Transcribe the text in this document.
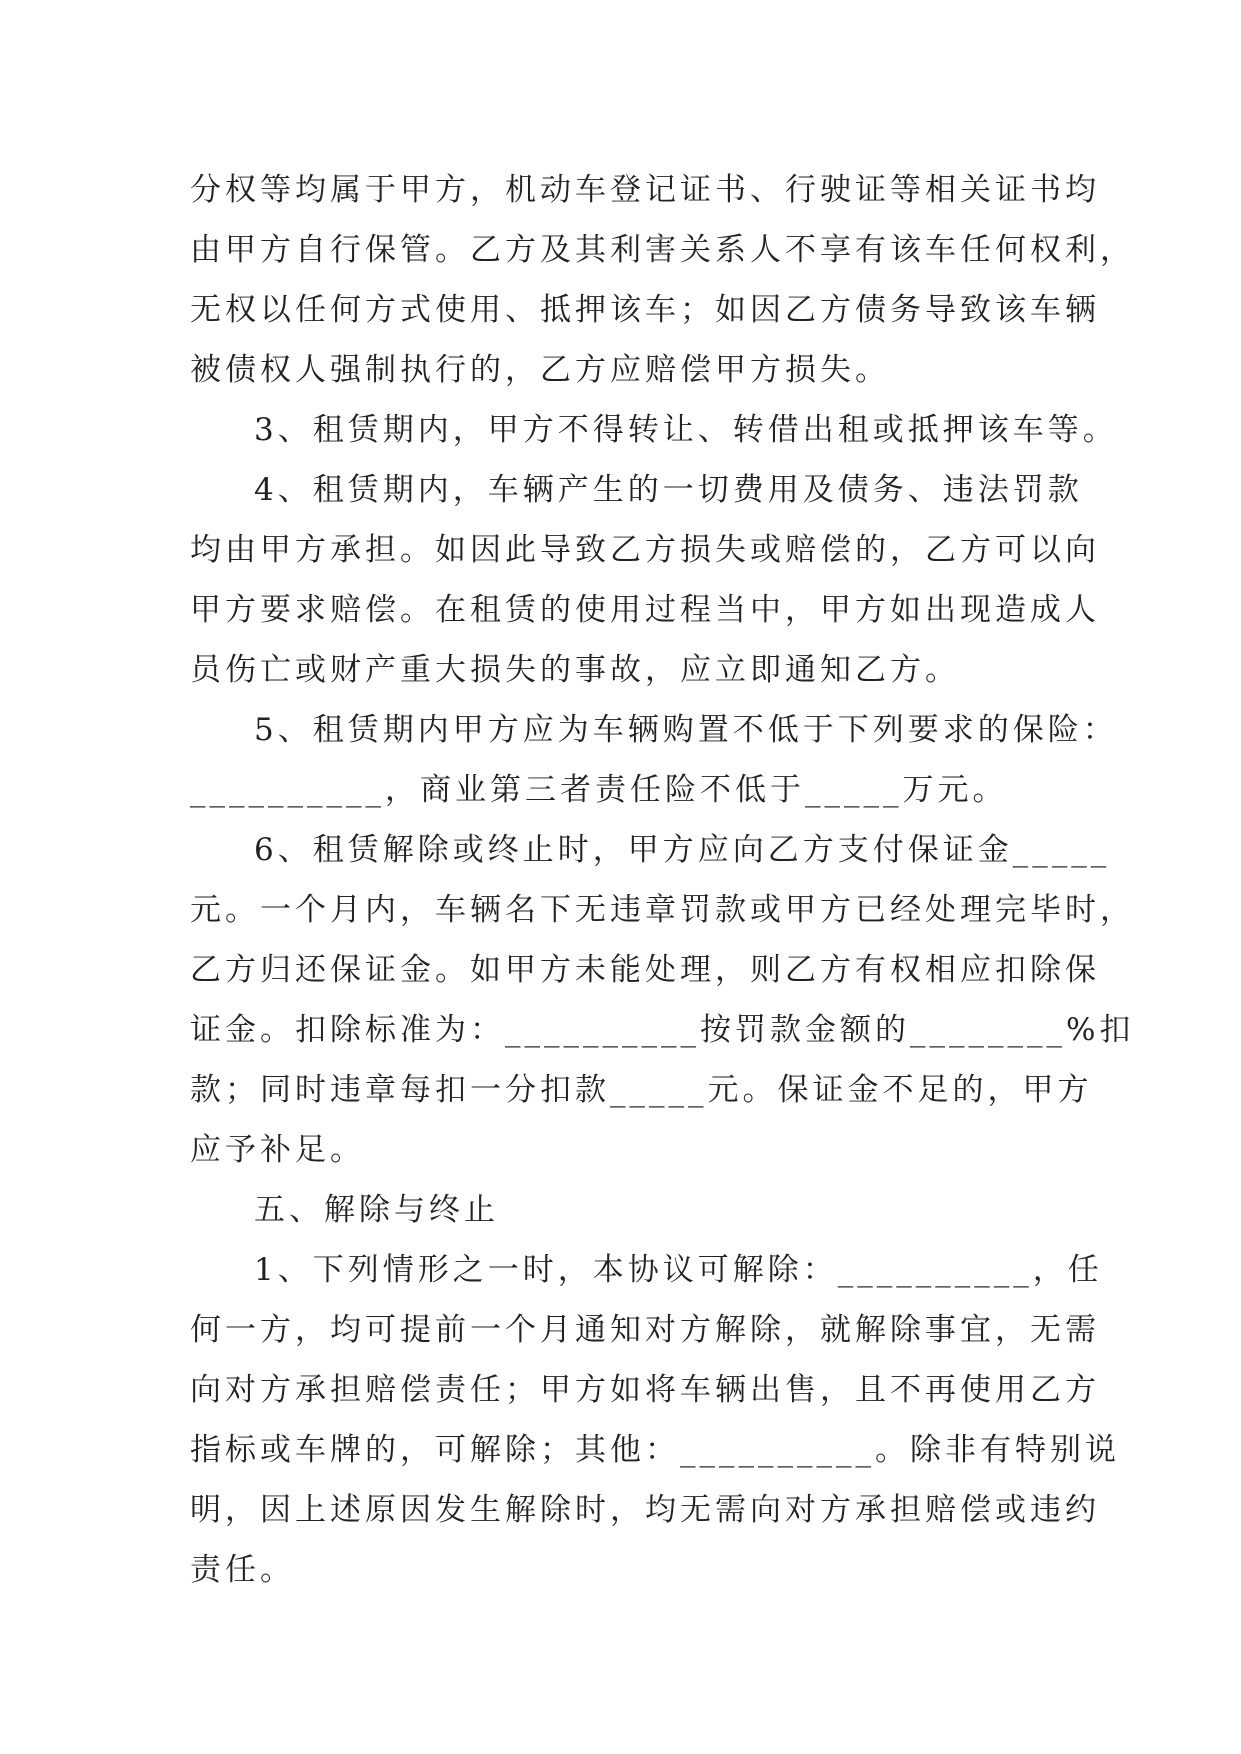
分权等均属于甲方，机动车登记证书、行驶证等相关证书均
由甲方自行保管。乙方及其利害关系人不享有该车任何权利，
无权以任何方式使用、抵押该车；如因乙方债务导致该车辆
被债权人强制执行的，乙方应赔偿甲方损失。
3、租赁期内，甲方不得转让、转借出租或抵押该车等。
4、租赁期内，车辆产生的一切费用及债务、违法罚款
均由甲方承担。如因此导致乙方损失或赔偿的，乙方可以向
甲方要求赔偿。在租赁的使用过程当中，甲方如出现造成人
员伤亡或财产重大损失的事故，应立即通知乙方。
5、租赁期内甲方应为车辆购置不低于下列要求的保险：
__________，商业第三者责任险不低于_____万元。
6、租赁解除或终止时，甲方应向乙方支付保证金_____
元。一个月内，车辆名下无违章罚款或甲方已经处理完毕时，
乙方归还保证金。如甲方未能处理，则乙方有权相应扣除保
证金。扣除标准为：__________按罚款金额的________%扣
款；同时违章每扣一分扣款_____元。保证金不足的，甲方
应予补足。
五、解除与终止
1、下列情形之一时，本协议可解除：__________，任
何一方，均可提前一个月通知对方解除，就解除事宜，无需
向对方承担赔偿责任；甲方如将车辆出售，且不再使用乙方
指标或车牌的，可解除；其他：__________。除非有特别说
明，因上述原因发生解除时，均无需向对方承担赔偿或违约
责任。
